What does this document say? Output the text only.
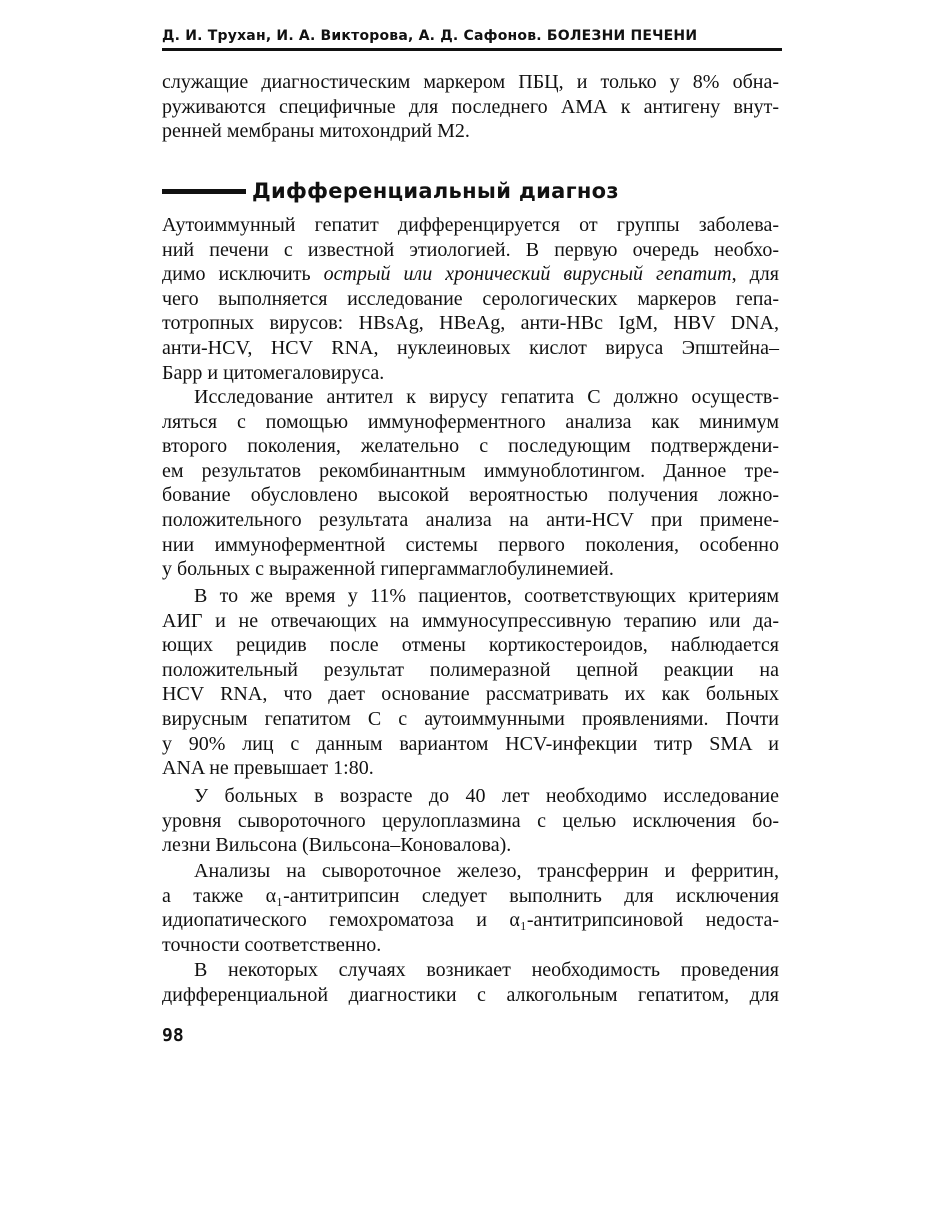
Д. И. Трухан, И. А. Викторова, А. Д. Сафонов. БОЛЕЗНИ ПЕЧЕНИ
служащие диагностическим маркером ПБЦ, и только у 8% обна-
руживаются специфичные для последнего АМА к антигену внут-
ренней мембраны митохондрий М2.
Дифференциальный диагноз
Аутоиммунный гепатит дифференцируется от группы заболева-
ний печени с известной этиологией. В первую очередь необхо-
димо исключить острый или хронический вирусный гепатит, для
чего выполняется исследование серологических маркеров гепа-
тотропных вирусов: HBsAg, HBeAg, анти-HBc IgM, HBV DNA,
анти-HCV, HCV RNA, нуклеиновых кислот вируса Эпштейна–
Барр и цитомегаловируса.
Исследование антител к вирусу гепатита С должно осуществ-
ляться с помощью иммуноферментного анализа как минимум
второго поколения, желательно с последующим подтверждени-
ем результатов рекомбинантным иммуноблотингом. Данное тре-
бование обусловлено высокой вероятностью получения ложно-
положительного результата анализа на анти-HCV при примене-
нии иммуноферментной системы первого поколения, особенно
у больных с выраженной гипергаммаглобулинемией.
В то же время у 11% пациентов, соответствующих критериям
АИГ и не отвечающих на иммуносупрессивную терапию или да-
ющих рецидив после отмены кортикостероидов, наблюдается
положительный результат полимеразной цепной реакции на
HCV RNA, что дает основание рассматривать их как больных
вирусным гепатитом С с аутоиммунными проявлениями. Почти
у 90% лиц с данным вариантом HCV-инфекции титр SMA и
ANA не превышает 1:80.
У больных в возрасте до 40 лет необходимо исследование
уровня сывороточного церулоплазмина с целью исключения бо-
лезни Вильсона (Вильсона–Коновалова).
Анализы на сывороточное железо, трансферрин и ферритин,
а также α₁-антитрипсин следует выполнить для исключения
идиопатического гемохроматоза и α₁-антитрипсиновой недоста-
точности соответственно.
В некоторых случаях возникает необходимость проведения
дифференциальной диагностики с алкогольным гепатитом, для
98
